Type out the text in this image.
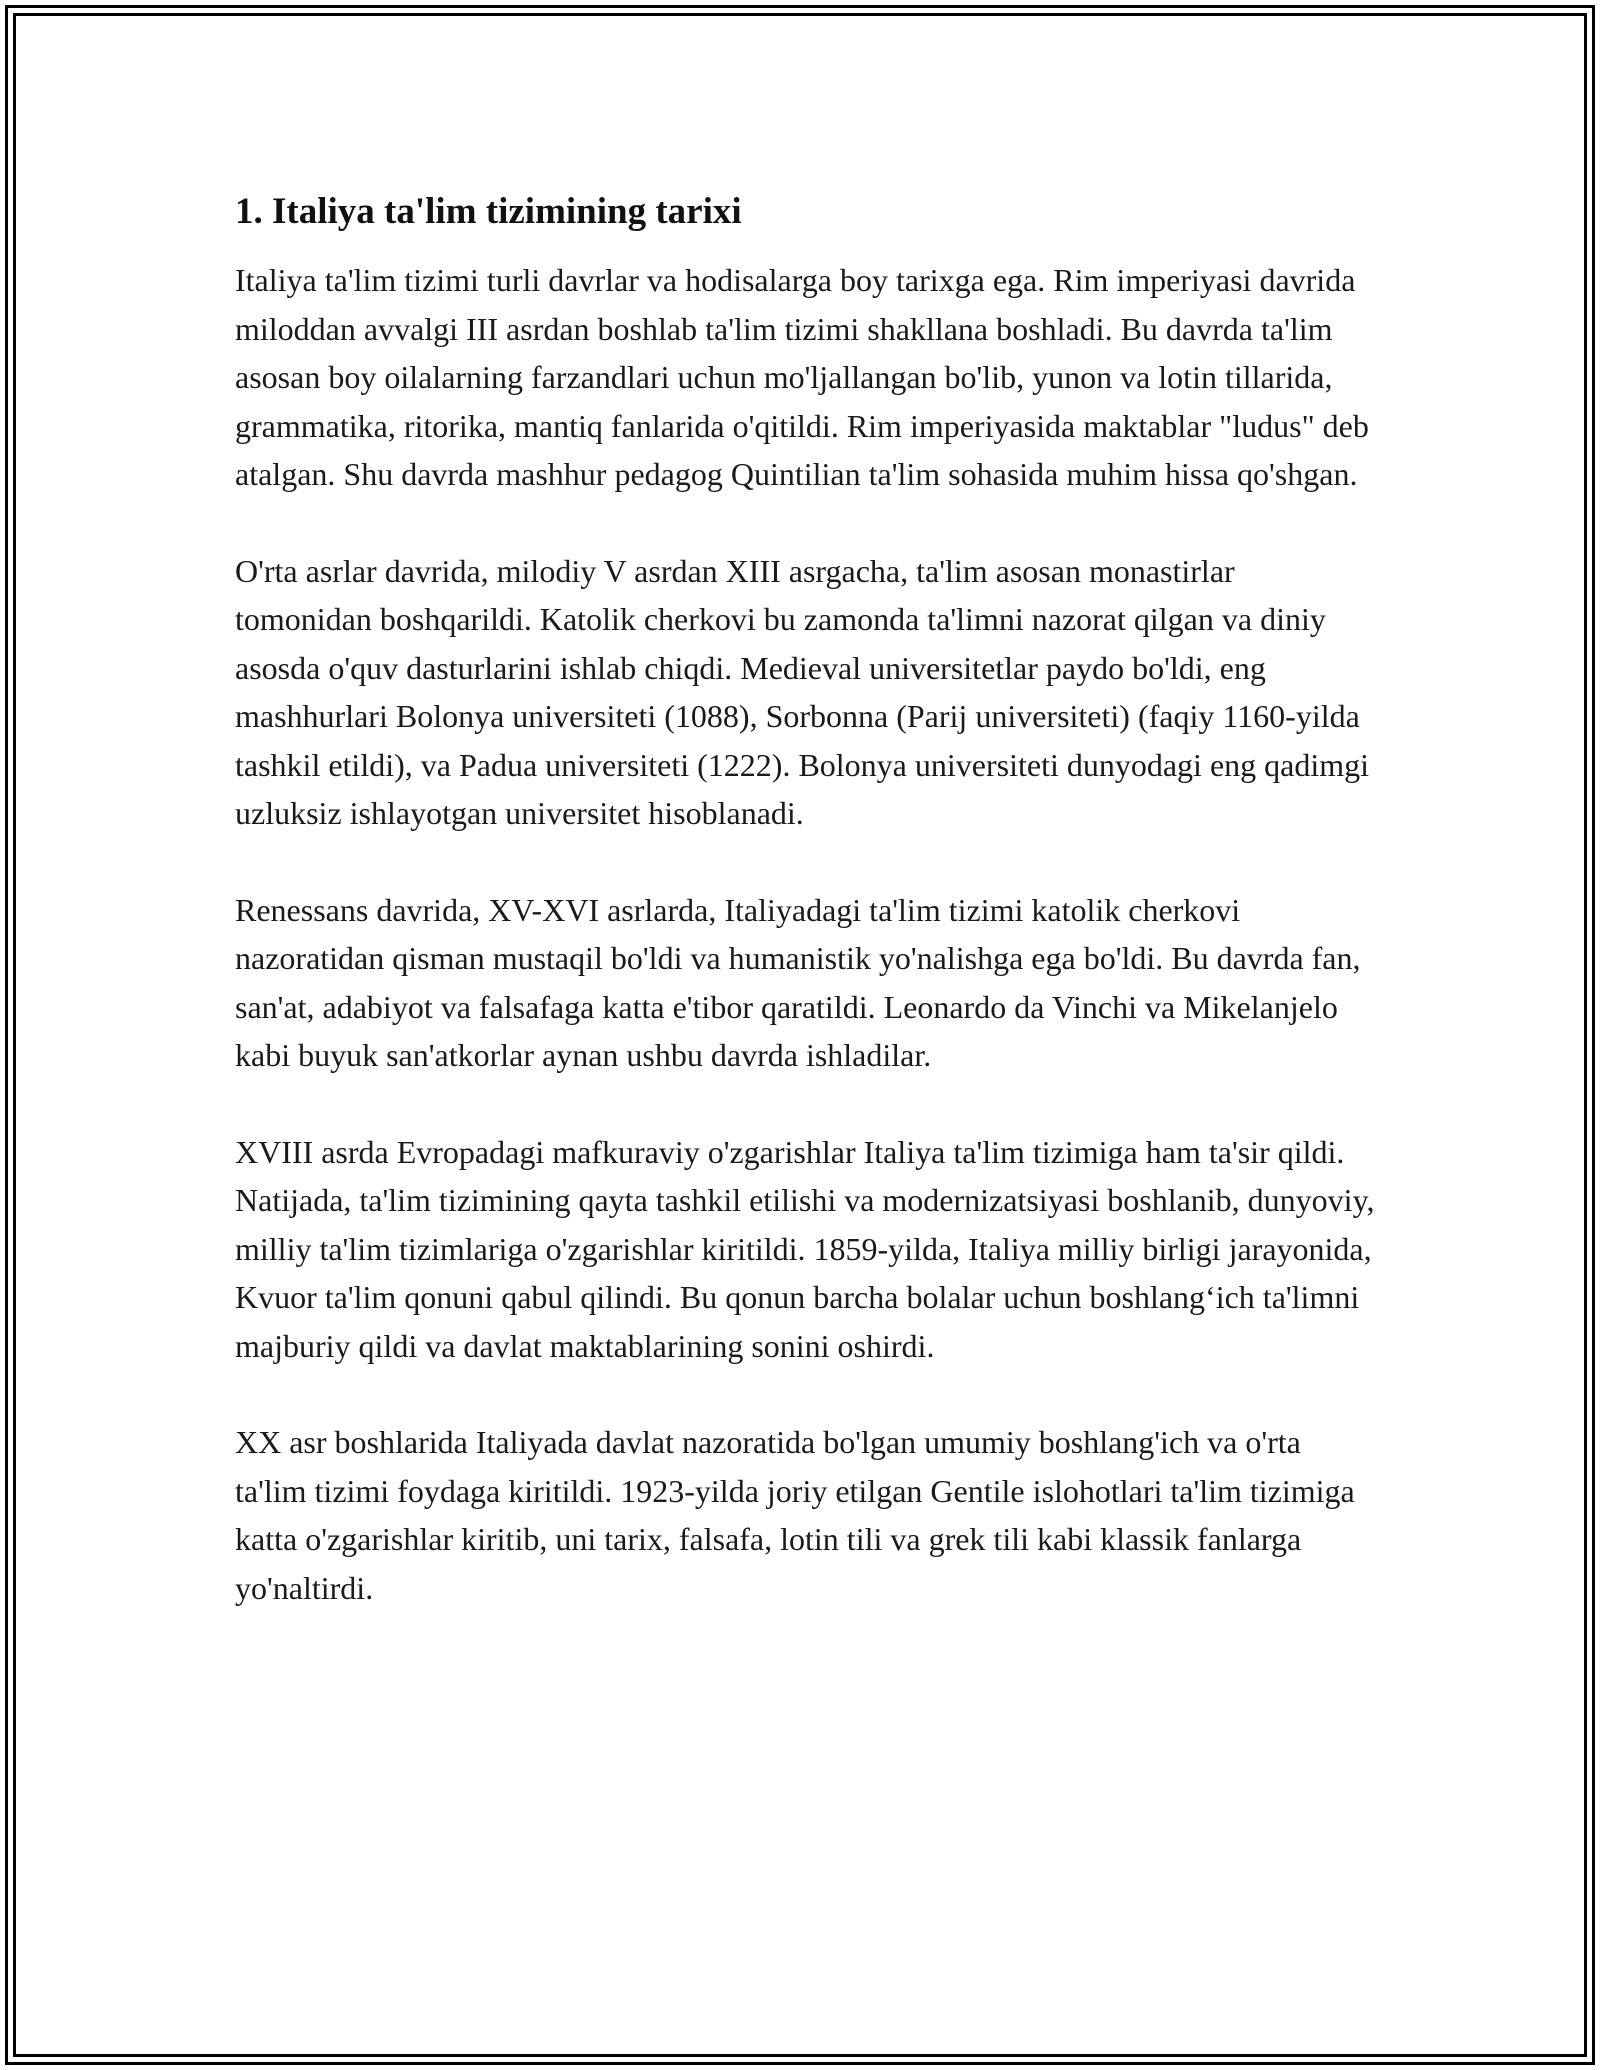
1. Italiya ta'lim tizimining tarixi

Italiya ta'lim tizimi turli davrlar va hodisalarga boy tarixga ega. Rim imperiyasi davrida miloddan avvalgi III asrdan boshlab ta'lim tizimi shakllana boshladi. Bu davrda ta'lim asosan boy oilalarning farzandlari uchun mo'ljallangan bo'lib, yunon va lotin tillarida, grammatika, ritorika, mantiq fanlarida o'qitildi. Rim imperiyasida maktablar "ludus" deb atalgan. Shu davrda mashhur pedagog Quintilian ta'lim sohasida muhim hissa qo'shgan.

O'rta asrlar davrida, milodiy V asrdan XIII asrgacha, ta'lim asosan monastirlar tomonidan boshqarildi. Katolik cherkovi bu zamonda ta'limni nazorat qilgan va diniy asosda o'quv dasturlarini ishlab chiqdi. Medieval universitetlar paydo bo'ldi, eng mashhurlari Bolonya universiteti (1088), Sorbonna (Parij universiteti) (faqiy 1160-yilda tashkil etildi), va Padua universiteti (1222). Bolonya universiteti dunyodagi eng qadimgi uzluksiz ishlayotgan universitet hisoblanadi.

Renessans davrida, XV-XVI asrlarda, Italiyadagi ta'lim tizimi katolik cherkovi nazoratidan qisman mustaqil bo'ldi va humanistik yo'nalishga ega bo'ldi. Bu davrda fan, san'at, adabiyot va falsafaga katta e'tibor qaratildi. Leonardo da Vinchi va Mikelanjelo kabi buyuk san'atkorlar aynan ushbu davrda ishladilar.

XVIII asrda Evropadagi mafkuraviy o'zgarishlar Italiya ta'lim tizimiga ham ta'sir qildi. Natijada, ta'lim tizimining qayta tashkil etilishi va modernizatsiyasi boshlanib, dunyoviy, milliy ta'lim tizimlariga o'zgarishlar kiritildi. 1859-yilda, Italiya milliy birligi jarayonida, Kvuor ta'lim qonuni qabul qilindi. Bu qonun barcha bolalar uchun boshlang‘ich ta'limni majburiy qildi va davlat maktablarining sonini oshirdi.

XX asr boshlarida Italiyada davlat nazoratida bo'lgan umumiy boshlang'ich va o'rta ta'lim tizimi foydaga kiritildi. 1923-yilda joriy etilgan Gentile islohotlari ta'lim tizimiga katta o'zgarishlar kiritib, uni tarix, falsafa, lotin tili va grek tili kabi klassik fanlarga yo'naltirdi.
